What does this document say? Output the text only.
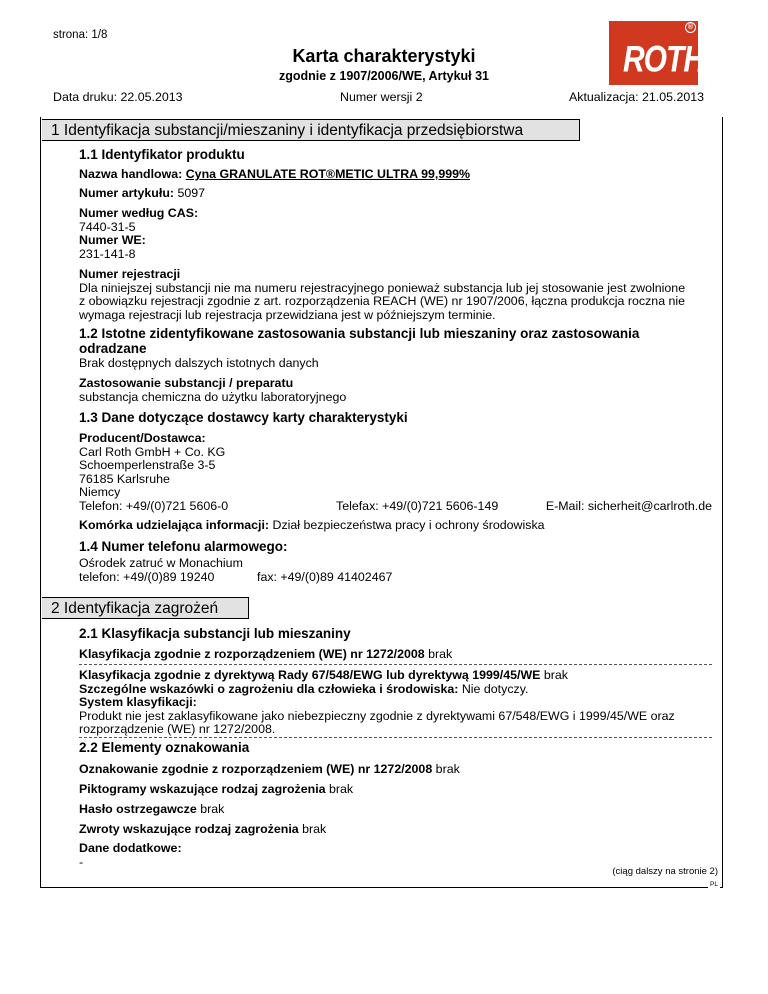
strona: 1/8
Karta charakterystyki
zgodnie z 1907/2006/WE, Artykuł 31
®
ROTH
Data druku: 22.05.2013	Numer wersji 2	Aktualizacja: 21.05.2013
1 Identyfikacja substancji/mieszaniny i identyfikacja przedsiębiorstwa
1.1 Identyfikator produktu
Nazwa handlowa: Cyna GRANULATE ROT®METIC ULTRA 99,999%
Numer artykułu: 5097
Numer według CAS:
7440-31-5
Numer WE:
231-141-8
Numer rejestracji
Dla niniejszej substancji nie ma numeru rejestracyjnego ponieważ substancja lub jej stosowanie jest zwolnione
z obowiązku rejestracji zgodnie z art. rozporządzenia REACH (WE) nr 1907/2006, łączna produkcja roczna nie
wymaga rejestracji lub rejestracja przewidziana jest w późniejszym terminie.
1.2 Istotne zidentyfikowane zastosowania substancji lub mieszaniny oraz zastosowania
odradzane
Brak dostępnych dalszych istotnych danych
Zastosowanie substancji / preparatu
substancja chemiczna do użytku laboratoryjnego
1.3 Dane dotyczące dostawcy karty charakterystyki
Producent/Dostawca:
Carl Roth GmbH + Co. KG
Schoemperlenstraße 3-5
76185 Karlsruhe
Niemcy
Telefon: +49/(0)721 5606-0	Telefax: +49/(0)721 5606-149	E-Mail: sicherheit@carlroth.de
Komórka udzielająca informacji: Dział bezpieczeństwa pracy i ochrony środowiska
1.4 Numer telefonu alarmowego:
Ośrodek zatruć w Monachium
telefon: +49/(0)89 19240	fax: +49/(0)89 41402467
2 Identyfikacja zagrożeń
2.1 Klasyfikacja substancji lub mieszaniny
Klasyfikacja zgodnie z rozporządzeniem (WE) nr 1272/2008 brak
Klasyfikacja zgodnie z dyrektywą Rady 67/548/EWG lub dyrektywą 1999/45/WE brak
Szczególne wskazówki o zagrożeniu dla człowieka i środowiska: Nie dotyczy.
System klasyfikacji:
Produkt nie jest zaklasyfikowane jako niebezpieczny zgodnie z dyrektywami 67/548/EWG i 1999/45/WE oraz
rozporządzenie (WE) nr 1272/2008.
2.2 Elementy oznakowania
Oznakowanie zgodnie z rozporządzeniem (WE) nr 1272/2008 brak
Piktogramy wskazujące rodzaj zagrożenia brak
Hasło ostrzegawcze brak
Zwroty wskazujące rodzaj zagrożenia brak
Dane dodatkowe:
-
(ciąg dalszy na stronie 2)
PL
